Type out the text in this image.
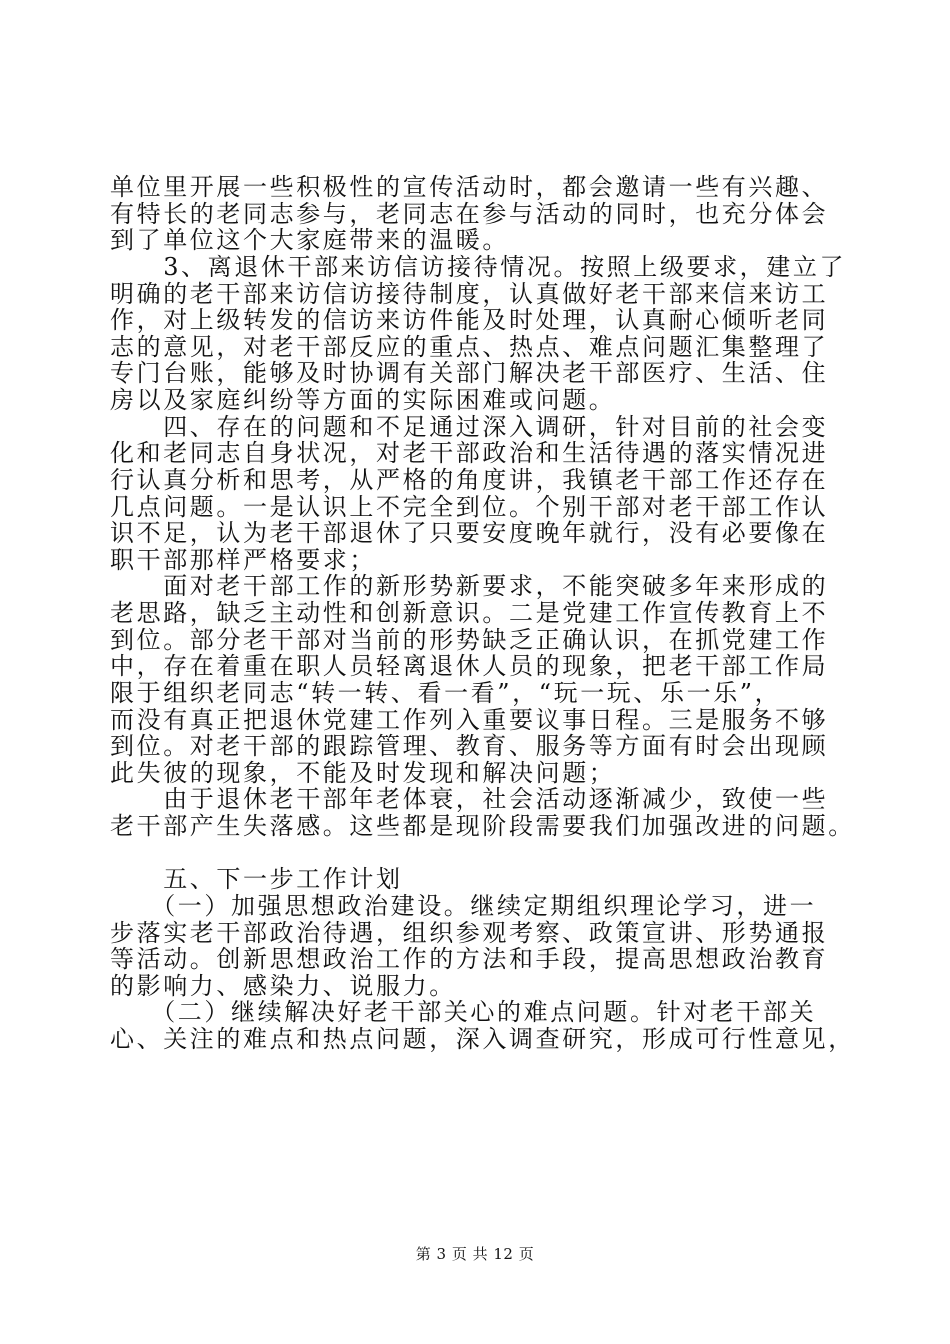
单位里开展一些积极性的宣传活动时，都会邀请一些有兴趣、
有特长的老同志参与，老同志在参与活动的同时，也充分体会
到了单位这个大家庭带来的温暖。
　　3、离退休干部来访信访接待情况。按照上级要求，建立了
明确的老干部来访信访接待制度，认真做好老干部来信来访工
作，对上级转发的信访来访件能及时处理，认真耐心倾听老同
志的意见，对老干部反应的重点、热点、难点问题汇集整理了
专门台账，能够及时协调有关部门解决老干部医疗、生活、住
房以及家庭纠纷等方面的实际困难或问题。
　　四、存在的问题和不足通过深入调研，针对目前的社会变
化和老同志自身状况，对老干部政治和生活待遇的落实情况进
行认真分析和思考，从严格的角度讲，我镇老干部工作还存在
几点问题。一是认识上不完全到位。个别干部对老干部工作认
识不足，认为老干部退休了只要安度晚年就行，没有必要像在
职干部那样严格要求；
　　面对老干部工作的新形势新要求，不能突破多年来形成的
老思路，缺乏主动性和创新意识。二是党建工作宣传教育上不
到位。部分老干部对当前的形势缺乏正确认识，在抓党建工作
中，存在着重在职人员轻离退休人员的现象，把老干部工作局
限于组织老同志“转一转、看一看”，“玩一玩、乐一乐”，
而没有真正把退休党建工作列入重要议事日程。三是服务不够
到位。对老干部的跟踪管理、教育、服务等方面有时会出现顾
此失彼的现象，不能及时发现和解决问题；
　　由于退休老干部年老体衰，社会活动逐渐减少，致使一些
老干部产生失落感。这些都是现阶段需要我们加强改进的问题。
　　五、下一步工作计划
　　（一）加强思想政治建设。继续定期组织理论学习，进一
步落实老干部政治待遇，组织参观考察、政策宣讲、形势通报
等活动。创新思想政治工作的方法和手段，提高思想政治教育
的影响力、感染力、说服力。
　　（二）继续解决好老干部关心的难点问题。针对老干部关
心、关注的难点和热点问题，深入调查研究，形成可行性意见，
第 3 页 共 12 页
